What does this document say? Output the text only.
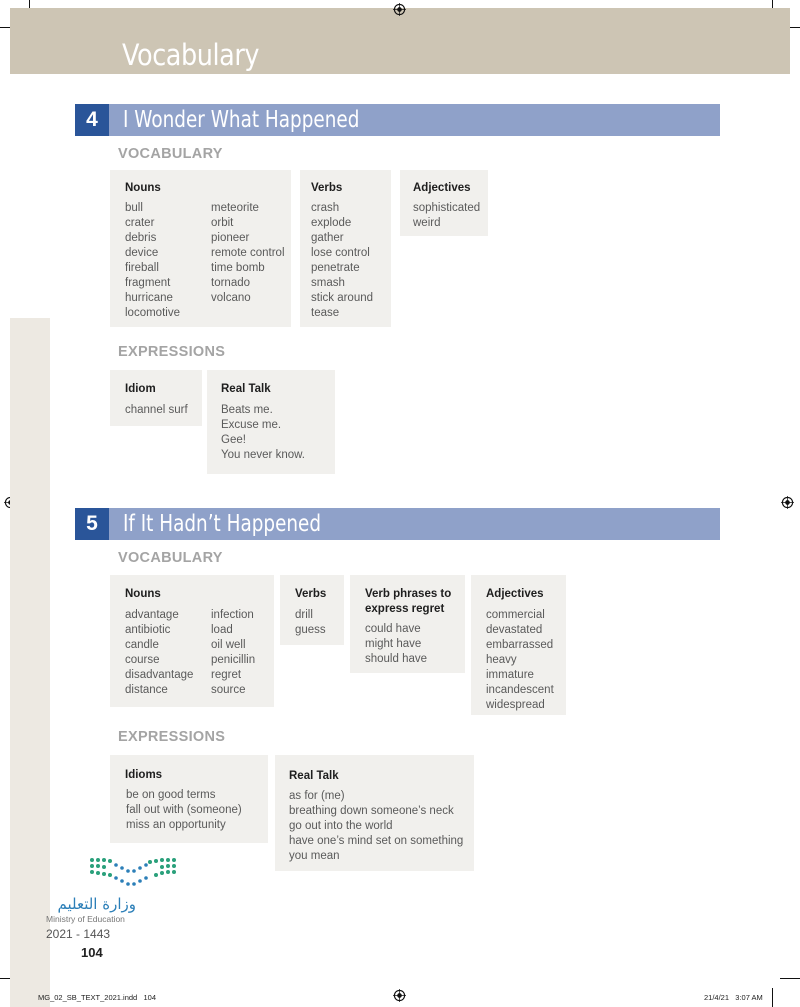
Vocabulary
4	I Wonder What Happened
VOCABULARY
Nouns
bull
crater
debris
device
fireball
fragment
hurricane
locomotive
meteorite
orbit
pioneer
remote control
time bomb
tornado
volcano
Verbs
crash
explode
gather
lose control
penetrate
smash
stick around
tease
Adjectives
sophisticated
weird
EXPRESSIONS
Idiom
channel surf
Real Talk
Beats me.
Excuse me.
Gee!
You never know.
5	If It Hadn’t Happened
VOCABULARY
Nouns
advantage
antibiotic
candle
course
disadvantage
distance
infection
load
oil well
penicillin
regret
source
Verbs
drill
guess
Verb phrases to
express regret
could have
might have
should have
Adjectives
commercial
devastated
embarrassed
heavy
immature
incandescent
widespread
EXPRESSIONS
Idioms
be on good terms
fall out with (someone)
miss an opportunity
Real Talk
as for (me)
breathing down someone’s neck
go out into the world
have one’s mind set on something
you mean
وزارة التعليم
Ministry of Education
2021 - 1443
104
MG_02_SB_TEXT_2021.indd   104	21/4/21   3:07 AM
